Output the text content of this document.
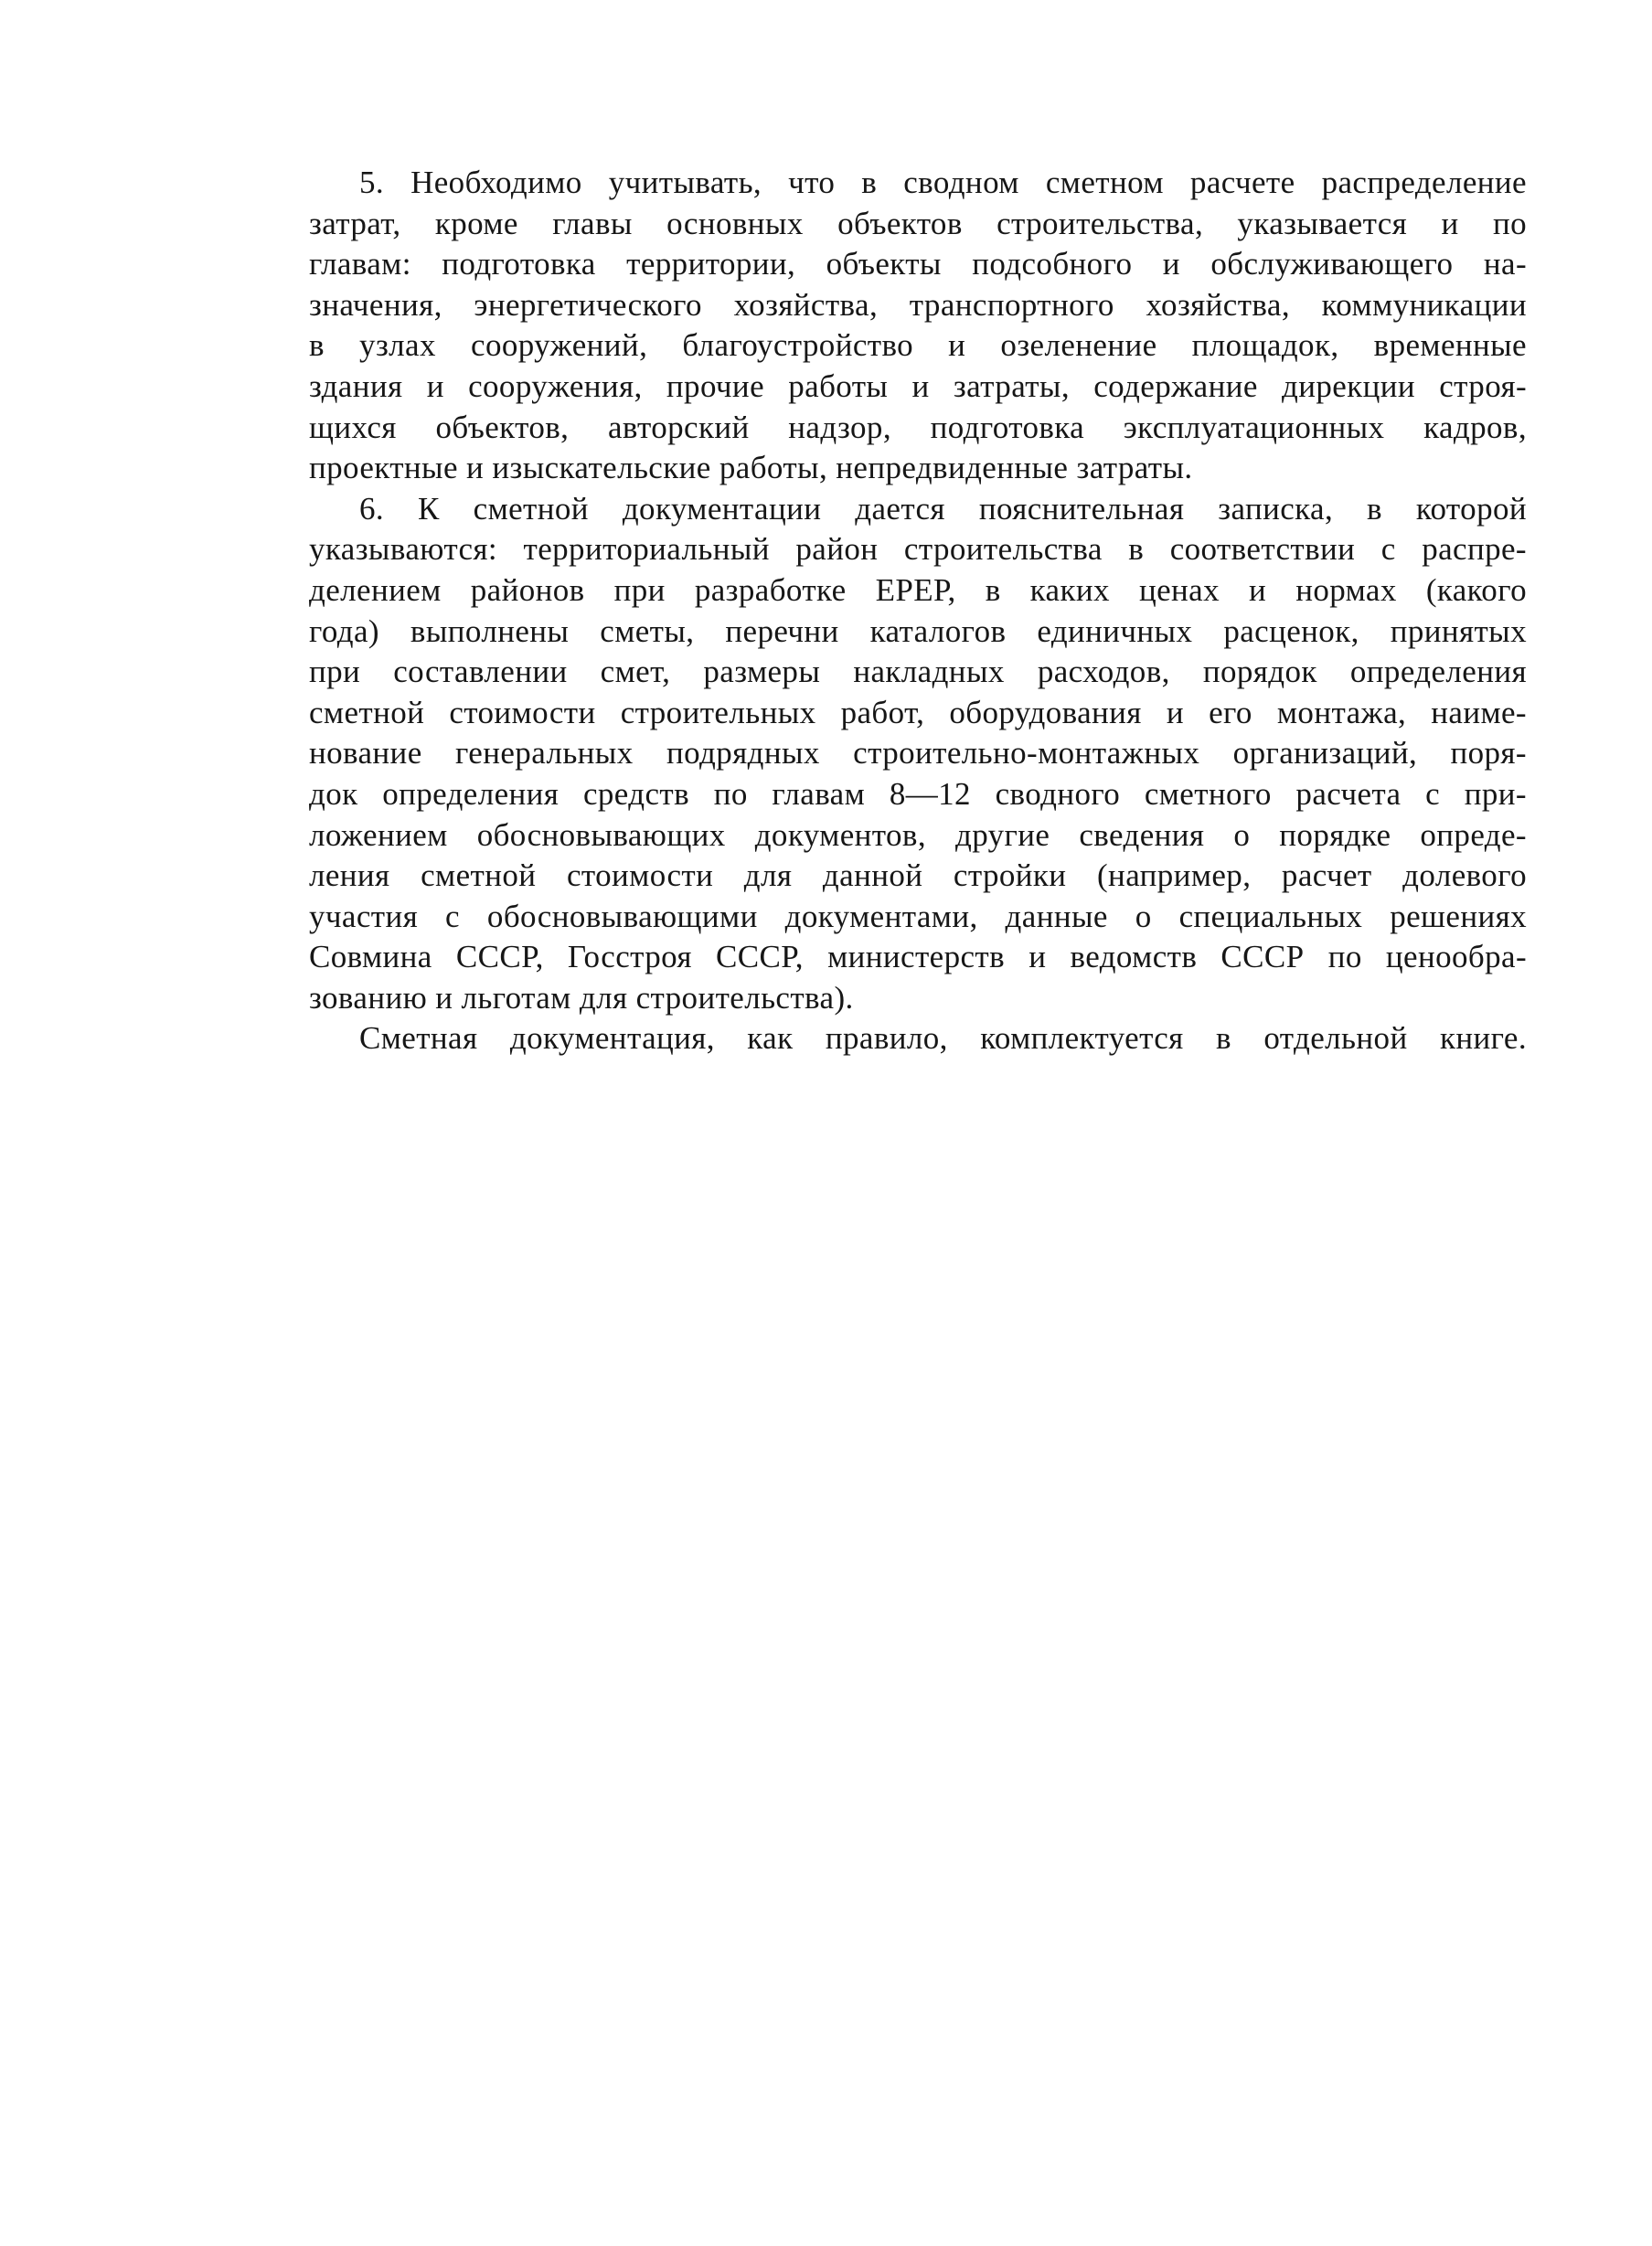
5. Необходимо учитывать, что в сводном сметном расчете распределение
затрат, кроме главы основных объектов строительства, указывается и по
главам: подготовка территории, объекты подсобного и обслуживающего на-
значения, энергетического хозяйства, транспортного хозяйства, коммуникации
в узлах сооружений, благоустройство и озеленение площадок, временные
здания и сооружения, прочие работы и затраты, содержание дирекции строя-
щихся объектов, авторский надзор, подготовка эксплуатационных кадров,
проектные и изыскательские работы, непредвиденные затраты.
6. К сметной документации дается пояснительная записка, в которой
указываются: территориальный район строительства в соответствии с распре-
делением районов при разработке ЕРЕР, в каких ценах и нормах (какого
года) выполнены сметы, перечни каталогов единичных расценок, принятых
при составлении смет, размеры накладных расходов, порядок определения
сметной стоимости строительных работ, оборудования и его монтажа, наиме-
нование генеральных подрядных строительно-монтажных организаций, поря-
док определения средств по главам 8—12 сводного сметного расчета с при-
ложением обосновывающих документов, другие сведения о порядке опреде-
ления сметной стоимости для данной стройки (например, расчет долевого
участия с обосновывающими документами, данные о специальных решениях
Совмина СССР, Госстроя СССР, министерств и ведомств СССР по ценообра-
зованию и льготам для строительства).
Сметная документация, как правило, комплектуется в отдельной книге.
